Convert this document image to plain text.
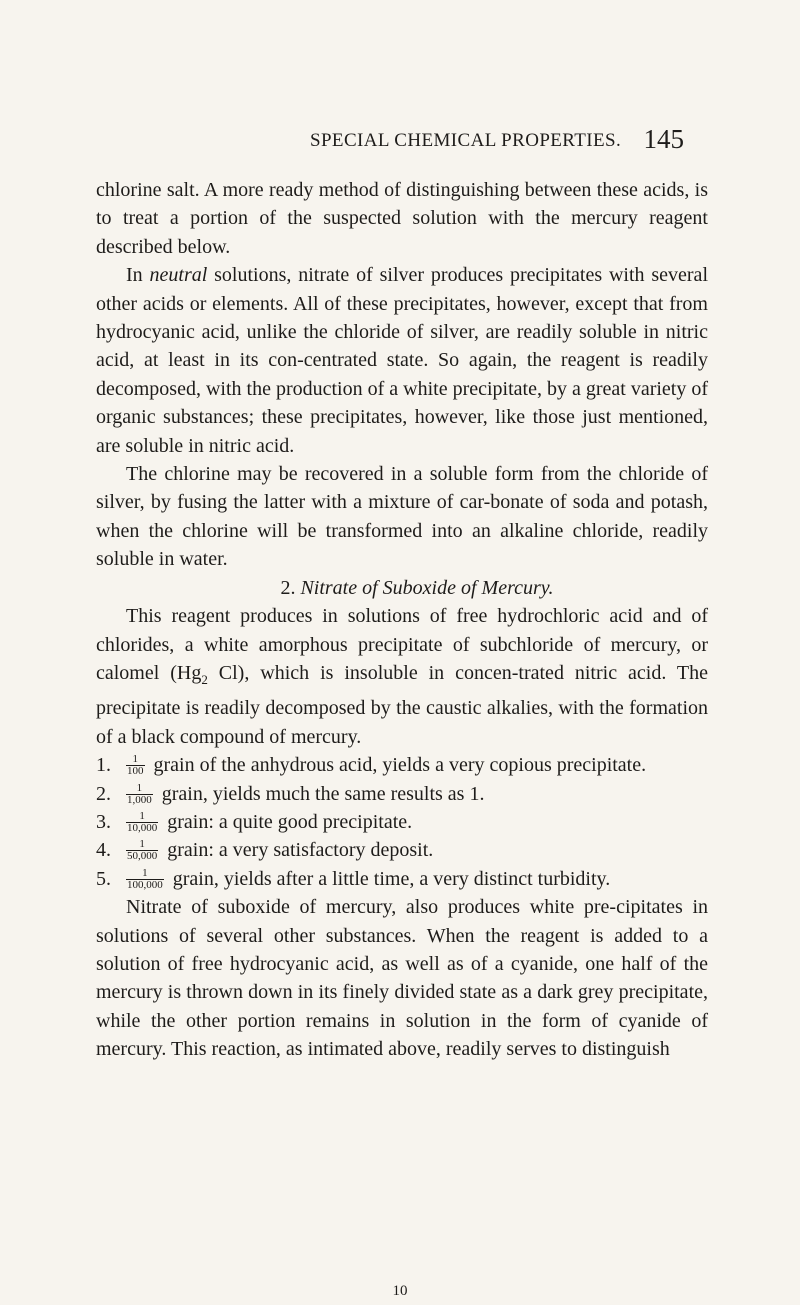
SPECIAL CHEMICAL PROPERTIES. 145

chlorine salt. A more ready method of distinguishing between these acids, is to treat a portion of the suspected solution with the mercury reagent described below.

In neutral solutions, nitrate of silver produces precipitates with several other acids or elements. All of these precipitates, however, except that from hydrocyanic acid, unlike the chloride of silver, are readily soluble in nitric acid, at least in its con-centrated state. So again, the reagent is readily decomposed, with the production of a white precipitate, by a great variety of organic substances; these precipitates, however, like those just mentioned, are soluble in nitric acid.

The chlorine may be recovered in a soluble form from the chloride of silver, by fusing the latter with a mixture of car-bonate of soda and potash, when the chlorine will be transformed into an alkaline chloride, readily soluble in water.

2. Nitrate of Suboxide of Mercury.

This reagent produces in solutions of free hydrochloric acid and of chlorides, a white amorphous precipitate of subchloride of mercury, or calomel ($Hg_2$ Cl), which is insoluble in concen-trated nitric acid. The precipitate is readily decomposed by the caustic alkalies, with the formation of a black compound of mercury.

1. $\frac{1}{100}$ grain of the anhydrous acid, yields a very copious precipitate.
2. $\frac{1}{1,000}$ grain, yields much the same results as 1.
3. $\frac{1}{10,000}$ grain: a quite good precipitate.
4. $\frac{1}{50,000}$ grain: a very satisfactory deposit.
5. $\frac{1}{100,000}$ grain, yields after a little time, a very distinct turbidity.

Nitrate of suboxide of mercury, also produces white pre-cipitates in solutions of several other substances. When the reagent is added to a solution of free hydrocyanic acid, as well as of a cyanide, one half of the mercury is thrown down in its finely divided state as a dark grey precipitate, while the other portion remains in solution in the form of cyanide of mercury. This reaction, as intimated above, readily serves to distinguish

10
